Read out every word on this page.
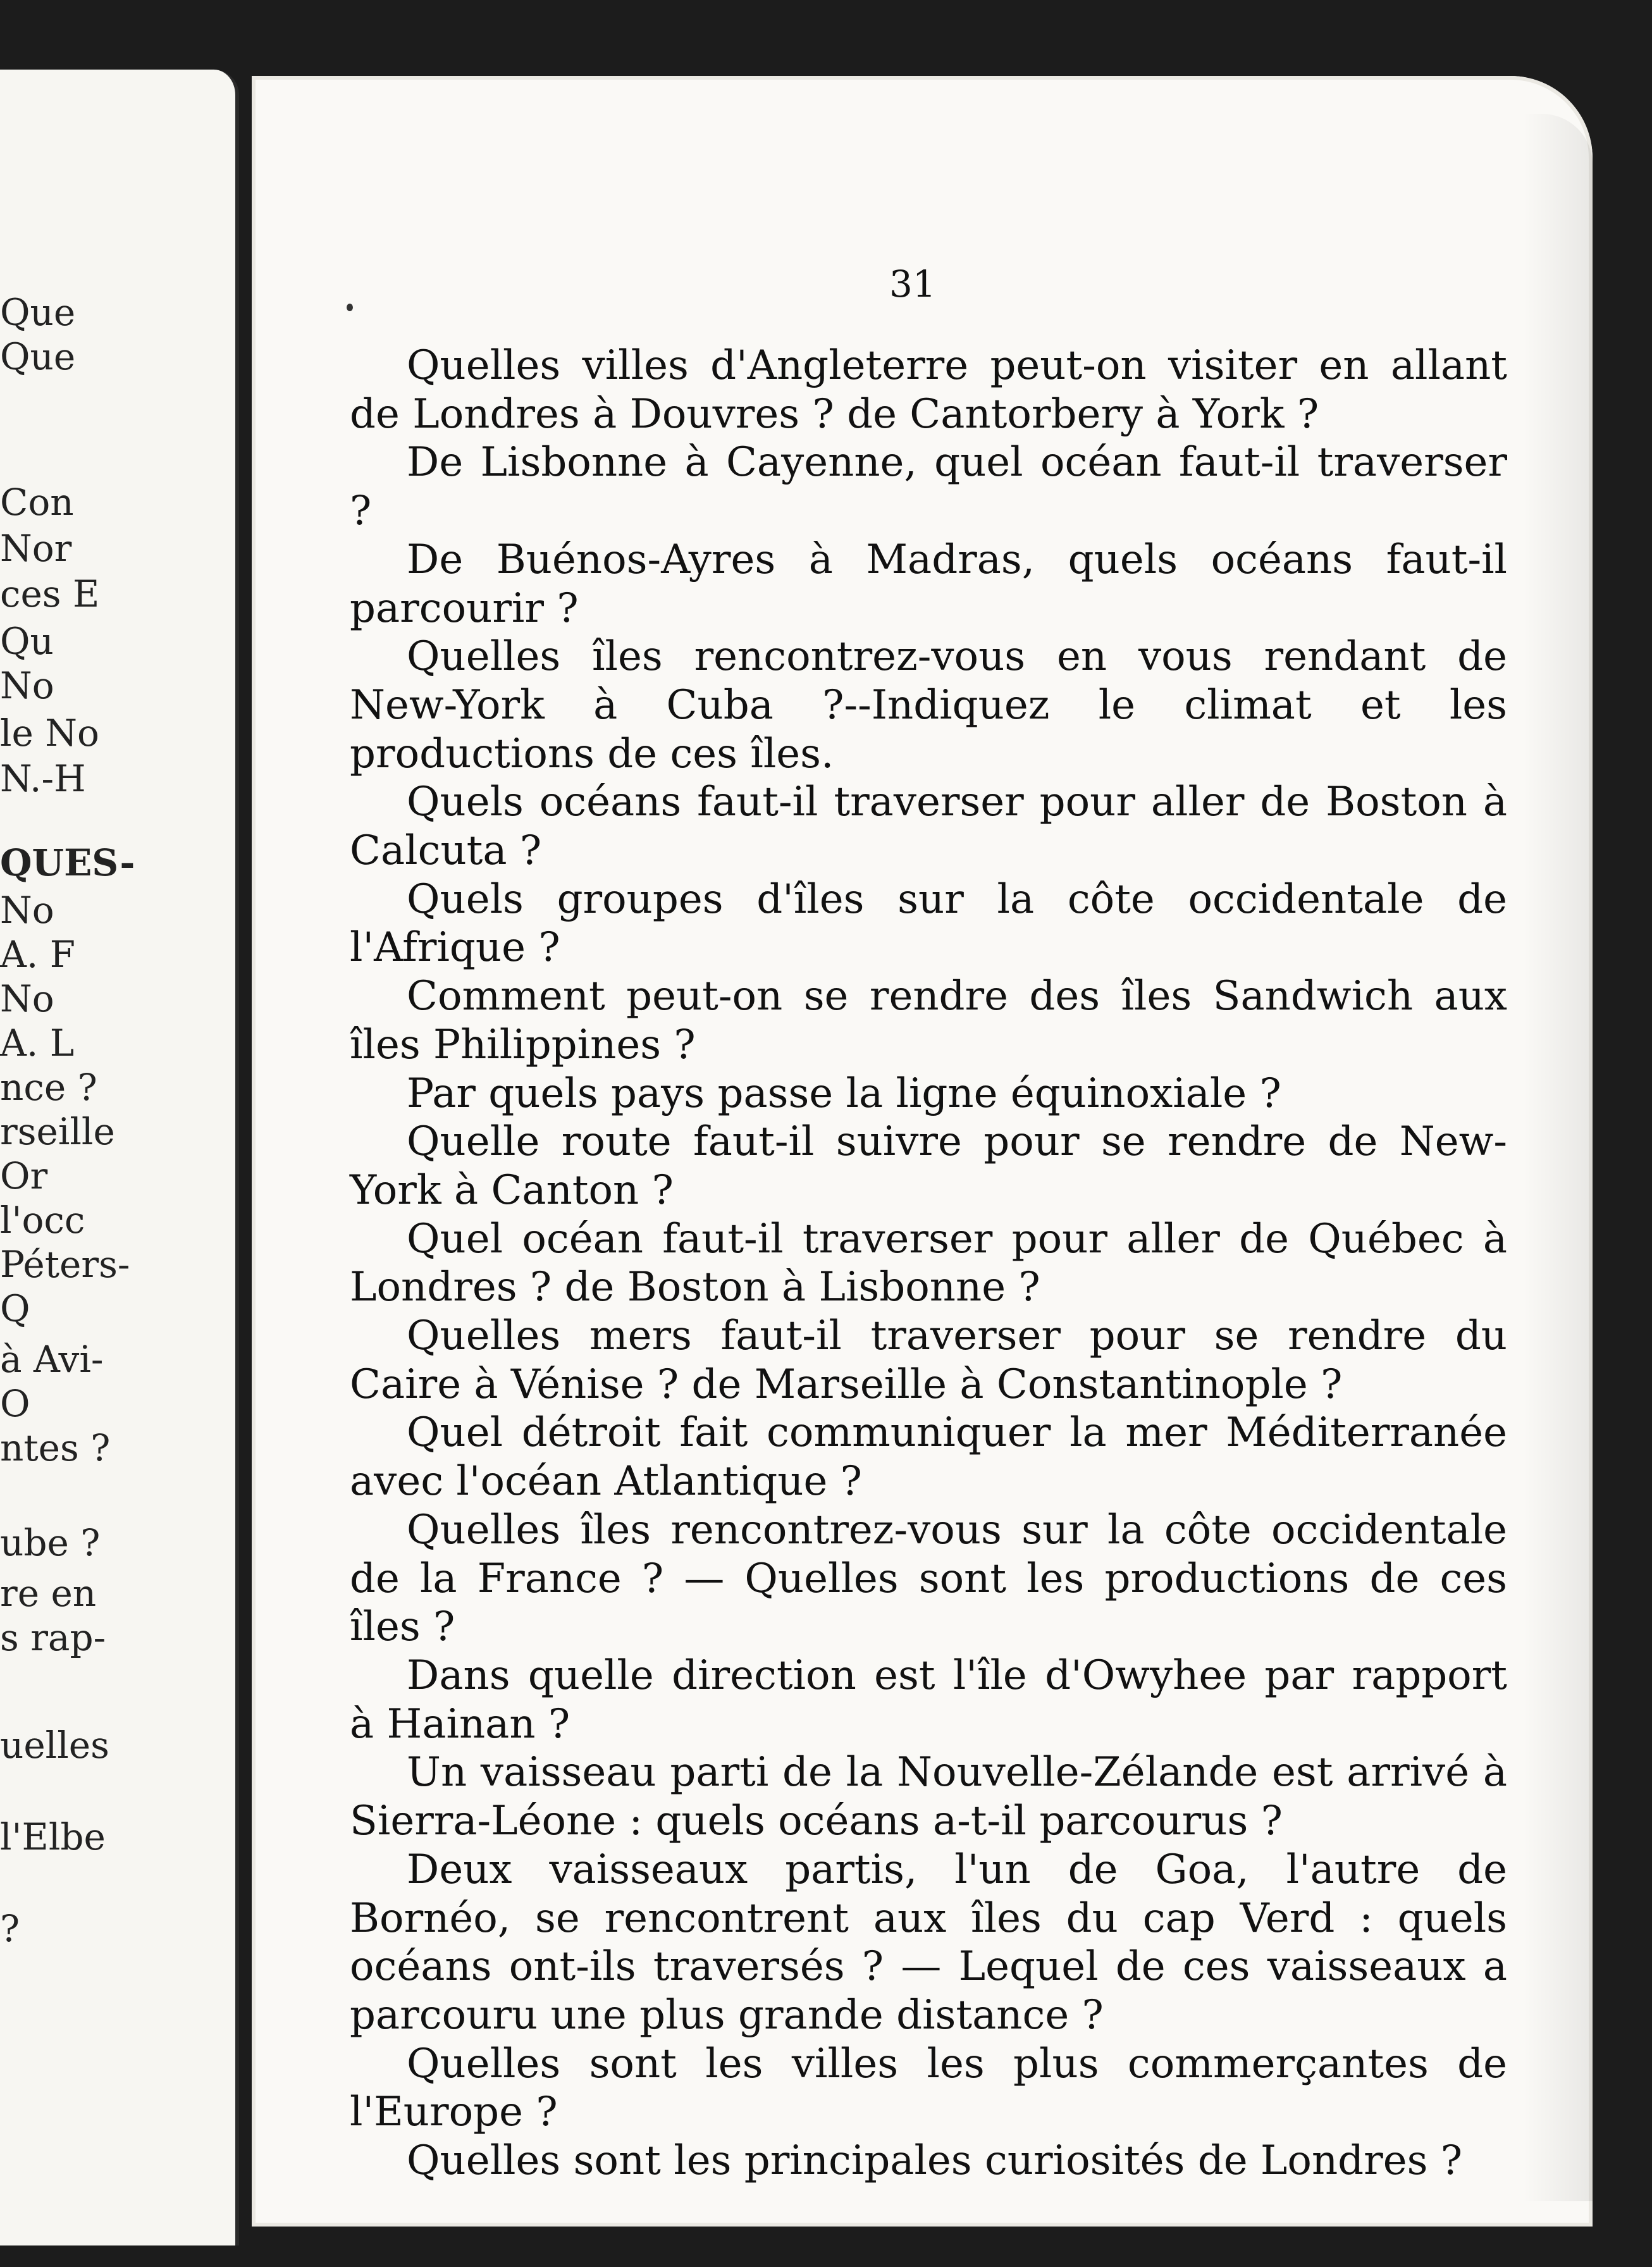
Que
Que
Con
Nor
ces E
Qu
No
le No
N.-H
QUES-
No
A. F
No
A. L
nce ?
rseille
Or
l'occ
Péters-
Q
à Avi-
O
ntes ?
ube ?
re en
s rap-
uelles
l'Elbe
?

31

Quelles villes d'Angleterre peut-on visiter en allant de Londres à Douvres ? de Cantorbery à York ?

De Lisbonne à Cayenne, quel océan faut-il traverser ?

De Buénos-Ayres à Madras, quels océans faut-il parcourir ?

Quelles îles rencontrez-vous en vous rendant de New-York à Cuba ?--Indiquez le climat et les productions de ces îles.

Quels océans faut-il traverser pour aller de Boston à Calcuta ?

Quels groupes d'îles sur la côte occidentale de l'Afrique ?

Comment peut-on se rendre des îles Sandwich aux îles Philippines ?

Par quels pays passe la ligne équinoxiale ?

Quelle route faut-il suivre pour se rendre de New-York à Canton ?

Quel océan faut-il traverser pour aller de Québec à Londres ? de Boston à Lisbonne ?

Quelles mers faut-il traverser pour se rendre du Caire à Vénise ? de Marseille à Constantinople ?

Quel détroit fait communiquer la mer Méditerranée avec l'océan Atlantique ?

Quelles îles rencontrez-vous sur la côte occidentale de la France ? — Quelles sont les productions de ces îles ?

Dans quelle direction est l'île d'Owyhee par rapport à Hainan ?

Un vaisseau parti de la Nouvelle-Zélande est arrivé à Sierra-Léone : quels océans a-t-il parcourus ?

Deux vaisseaux partis, l'un de Goa, l'autre de Bornéo, se rencontrent aux îles du cap Verd : quels océans ont-ils traversés ? — Lequel de ces vaisseaux a parcouru une plus grande distance ?

Quelles sont les villes les plus commerçantes de l'Europe ?

Quelles sont les principales curiosités de Londres ?
